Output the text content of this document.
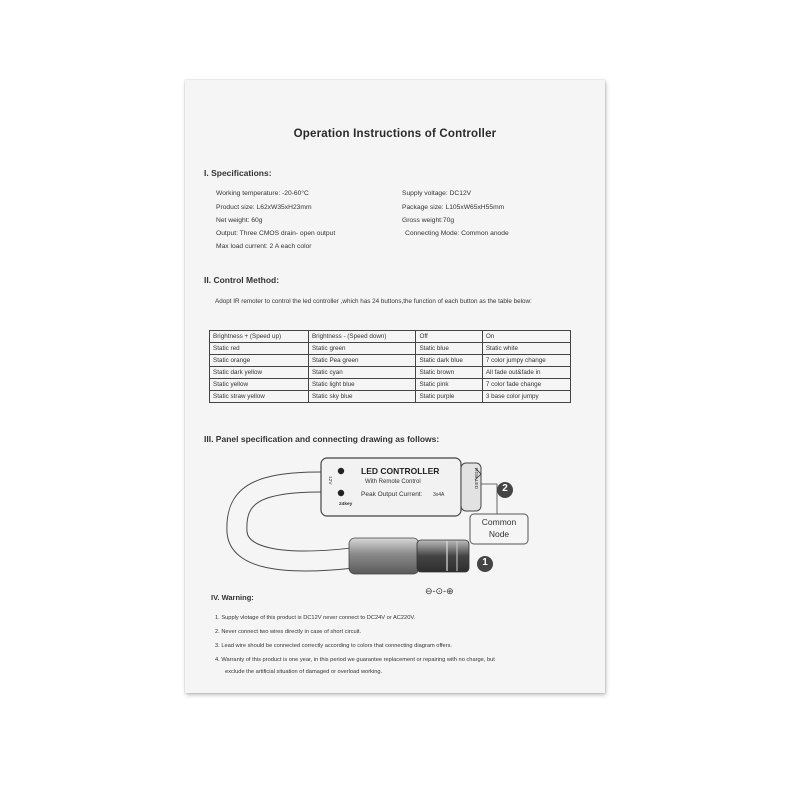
Operation Instructions of Controller
I. Specifications:
Working temperature: -20-60°C
Product size: L62xW35xH23mm
Net weight: 60g
Output: Three CMOS drain- open output
Max load current: 2 A each color
Supply voltage: DC12V
Package size: L105xW65xH55mm
Gross weight:70g
Connecting Mode: Common anode
II. Control Method:
Adopt IR remoter to control the led controller ,which has 24 buttons,the function of each button as the table below:
Brightness + (Speed up)	Brightness - (Speed down)	Off	On
Static red	Static green	Static blue	Static white
Static orange	Static Pea green	Static dark blue	7 color jumpy change
Static dark yellow	Static cyan	Static brown	All fade out&fade in
Static yellow	Static light blue	Static pink	7 color fade change
Static straw yellow	Static sky blue	Static purple	3 base color jumpy
III. Panel specification and connecting drawing as follows:
LED CONTROLLER
With Remote Control
Peak Output Current: 3x4A
24key
12V	RGB LED 2
1
Common
Node
⊖-⊙-⊕
IV. Warning:
1. Supply vlotage of this product is DC12V never connect to DC24V or AC220V.
2. Never connect two wires directly in case of short circuit.
3. Lead wire should be connected correctly according to colors that connecting diagram offers.
4. Warranty of this product is one year, in this period we guarantee replacement or repairing with no charge, but
exclude the artificial situation of damaged or overload working.
